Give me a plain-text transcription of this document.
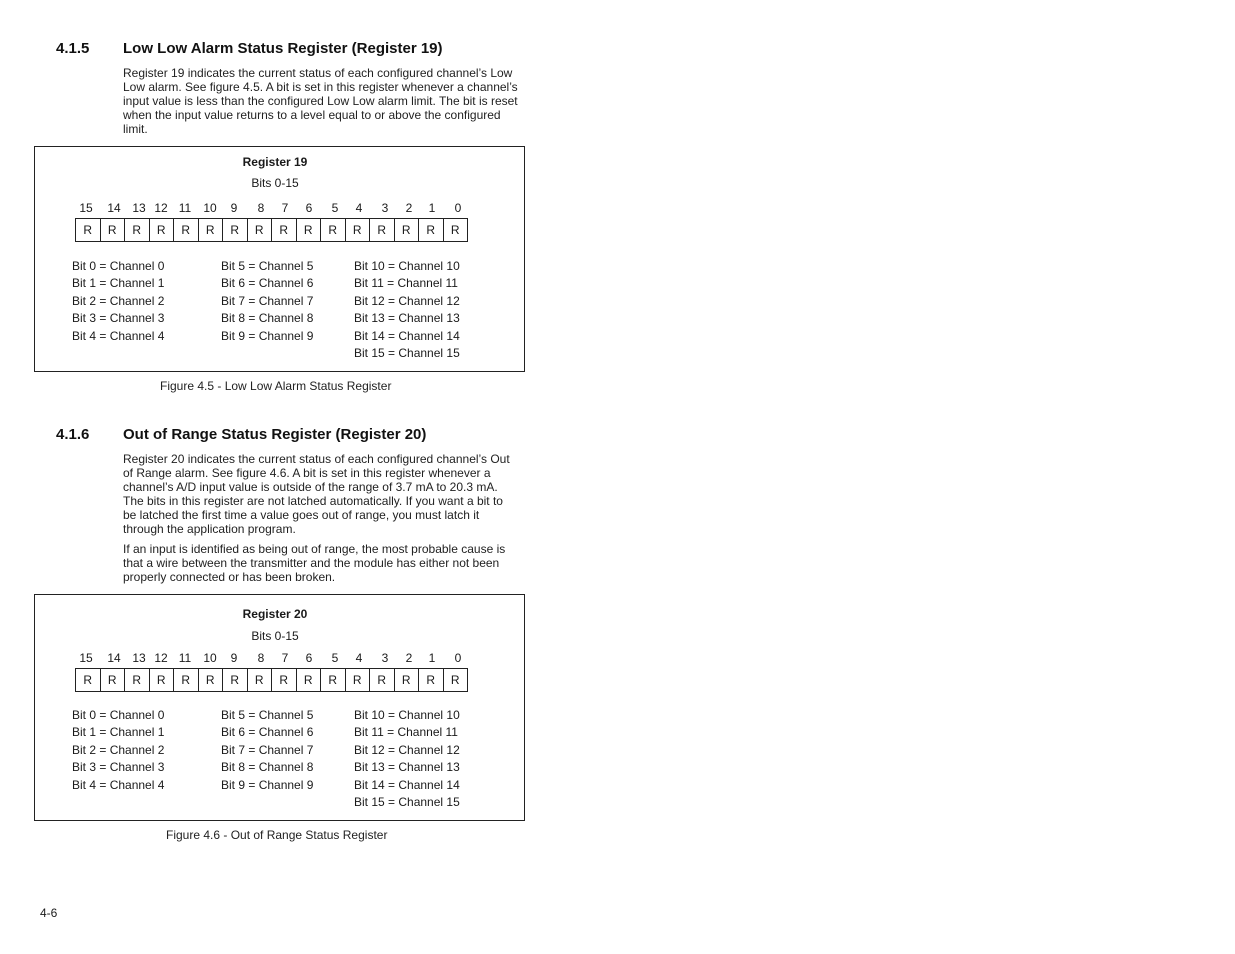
4.1.5 Low Low Alarm Status Register (Register 19)

Register 19 indicates the current status of each configured channel’s Low Low alarm. See figure 4.5. A bit is set in this register whenever a channel’s input value is less than the configured Low Low alarm limit. The bit is reset when the input value returns to a level equal to or above the configured limit.

Register 19
Bits 0-15
15	14 13 12 11	10	9	8	7	6	5	4	3	2	1	0
R	R	R	R	R	R	R	R	R	R	R	R	R	R	R	R
Bit 0 = Channel 0
Bit 1 = Channel 1
Bit 2 = Channel 2
Bit 3 = Channel 3
Bit 4 = Channel 4
Bit 5 = Channel 5
Bit 6 = Channel 6
Bit 7 = Channel 7
Bit 8 = Channel 8
Bit 9 = Channel 9
Bit 10 = Channel 10
Bit 11 = Channel 11
Bit 12 = Channel 12
Bit 13 = Channel 13
Bit 14 = Channel 14
Bit 15 = Channel 15
Figure 4.5 - Low Low Alarm Status Register
4.1.6 Out of Range Status Register (Register 20)

Register 20 indicates the current status of each configured channel’s Out of Range alarm. See figure 4.6. A bit is set in this register whenever a channel’s A/D input value is outside of the range of 3.7 mA to 20.3 mA. The bits in this register are not latched automatically. If you want a bit to be latched the first time a value goes out of range, you must latch it through the application program.

If an input is identified as being out of range, the most probable cause is that a wire between the transmitter and the module has either not been properly connected or has been broken.

Register 20
Bits 0-15
15	14 13 12 11	10	9	8	7	6	5	4	3	2	1	0
R	R	R	R	R	R	R	R	R	R	R	R	R	R	R	R
Bit 0 = Channel 0
Bit 1 = Channel 1
Bit 2 = Channel 2
Bit 3 = Channel 3
Bit 4 = Channel 4
Bit 5 = Channel 5
Bit 6 = Channel 6
Bit 7 = Channel 7
Bit 8 = Channel 8
Bit 9 = Channel 9
Bit 10 = Channel 10
Bit 11 = Channel 11
Bit 12 = Channel 12
Bit 13 = Channel 13
Bit 14 = Channel 14
Bit 15 = Channel 15
Figure 4.6 - Out of Range Status Register
4-6
